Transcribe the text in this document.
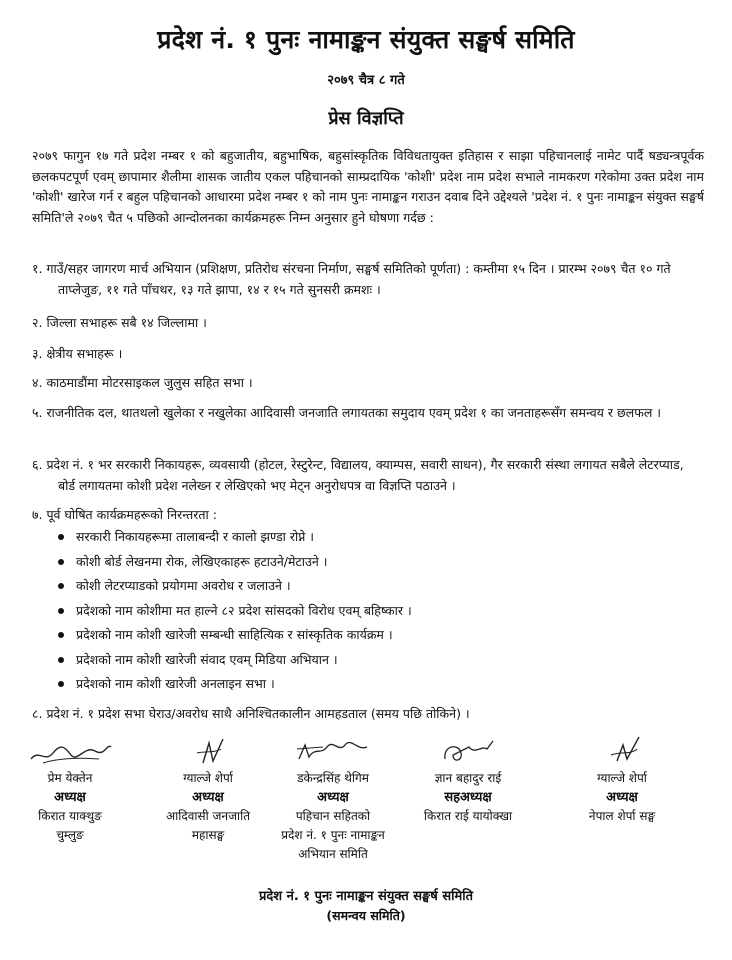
प्रदेश नं. १ पुनः नामाङ्कन संयुक्त सङ्घर्ष समिति
२०७९ चैत्र ८ गते
प्रेस विज्ञप्ति
२०७९ फागुन १७ गते प्रदेश नम्बर १ को बहुजातीय, बहुभाषिक, बहुसांस्कृतिक विविधतायुक्त इतिहास र साझा पहिचानलाई नामेट पार्दै षड्यन्त्रपूर्वक छलकपटपूर्ण एवम् छापामार शैलीमा शासक जातीय एकल पहिचानको साम्प्रदायिक 'कोशी' प्रदेश नाम प्रदेश सभाले नामकरण गरेकोमा उक्त प्रदेश नाम 'कोशी' खारेज गर्न र बहुल पहिचानको आधारमा प्रदेश नम्बर १ को नाम पुनः नामाङ्कन गराउन दवाब दिने उद्देश्यले 'प्रदेश नं. १ पुनः नामाङ्कन संयुक्त सङ्घर्ष समिति'ले २०७९ चैत ५ पछिको आन्दोलनका कार्यक्रमहरू निम्न अनुसार हुने घोषणा गर्दछ :
१. गाउँ/सहर जागरण मार्च अभियान (प्रशिक्षण, प्रतिरोध संरचना निर्माण, सङ्घर्ष समितिको पूर्णता) : कम्तीमा १५ दिन । प्रारम्भ २०७९ चैत १० गते ताप्लेजुङ, ११ गते पाँचथर, १३ गते झापा, १४ र १५ गते सुनसरी क्रमशः ।
२. जिल्ला सभाहरू सबै १४ जिल्लामा ।
३. क्षेत्रीय सभाहरू ।
४. काठमाडौंमा मोटरसाइकल जुलुस सहित सभा ।
५. राजनीतिक दल, थातथलो खुलेका र नखुलेका आदिवासी जनजाति लगायतका समुदाय एवम् प्रदेश १ का जनताहरूसँग समन्वय र छलफल ।
६. प्रदेश नं. १ भर सरकारी निकायहरू, व्यवसायी (होटल, रेस्टुरेन्ट, विद्यालय, क्याम्पस, सवारी साधन), गैर सरकारी संस्था लगायत सबैले लेटरप्याड, बोर्ड लगायतमा कोशी प्रदेश नलेख्न र लेखिएको भए मेट्न अनुरोधपत्र वा विज्ञप्ति पठाउने ।
७. पूर्व घोषित कार्यक्रमहरूको निरन्तरता :
सरकारी निकायहरूमा तालाबन्दी र कालो झण्डा रोप्ने ।
कोशी बोर्ड लेखनमा रोक, लेखिएकाहरू हटाउने/मेटाउने ।
कोशी लेटरप्याडको प्रयोगमा अवरोध र जलाउने ।
प्रदेशको नाम कोशीमा मत हाल्ने ८२ प्रदेश सांसदको विरोध एवम् बहिष्कार ।
प्रदेशको नाम कोशी खारेजी सम्बन्धी साहित्यिक र सांस्कृतिक कार्यक्रम ।
प्रदेशको नाम कोशी खारेजी संवाद एवम् मिडिया अभियान ।
प्रदेशको नाम कोशी खारेजी अनलाइन सभा ।
८. प्रदेश नं. १ प्रदेश सभा घेराउ/अवरोध साथै अनिश्चितकालीन आमहडताल (समय पछि तोकिने) ।
प्रेम येक्तेन
अध्यक्ष
किरात याक्थुङ
चुम्लुङ
ग्याल्जे शेर्पा
अध्यक्ष
आदिवासी जनजाति
महासङ्घ
डकेन्द्रसिंह थेगिम
अध्यक्ष
पहिचान सहितको
प्रदेश नं. १ पुनः नामाङ्कन
अभियान समिति
ज्ञान बहादुर राई
सहअध्यक्ष
किरात राई यायोक्खा
ग्याल्जे शेर्पा
अध्यक्ष
नेपाल शेर्पा सङ्घ
प्रदेश नं. १ पुनः नामाङ्कन संयुक्त सङ्घर्ष समिति
(समन्वय समिति)
